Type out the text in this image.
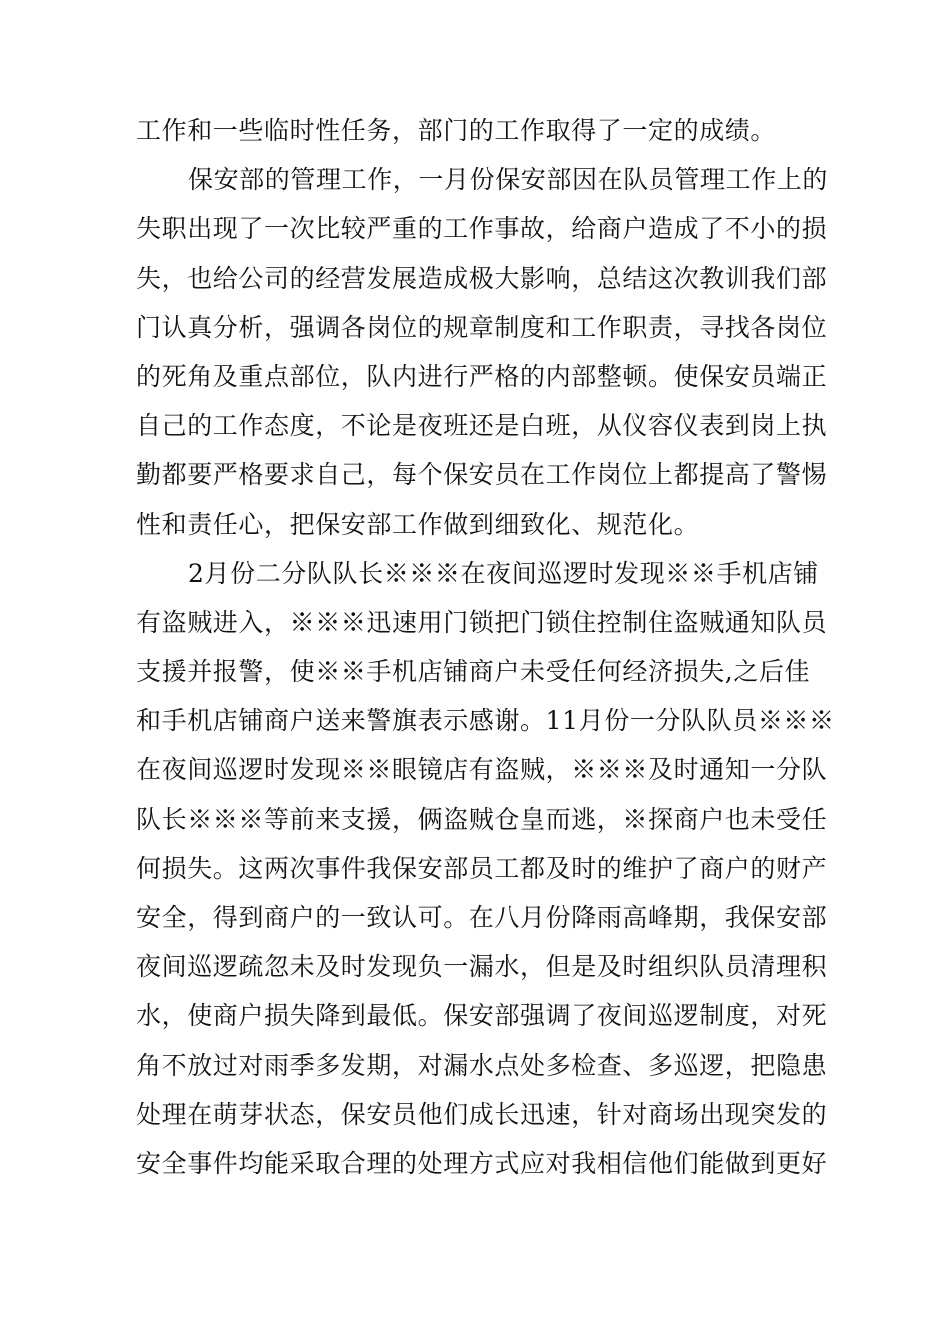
工作和一些临时性任务，部门的工作取得了一定的成绩。
保安部的管理工作，一月份保安部因在队员管理工作上的
失职出现了一次比较严重的工作事故，给商户造成了不小的损
失，也给公司的经营发展造成极大影响，总结这次教训我们部
门认真分析，强调各岗位的规章制度和工作职责，寻找各岗位
的死角及重点部位，队内进行严格的内部整顿。使保安员端正
自己的工作态度，不论是夜班还是白班，从仪容仪表到岗上执
勤都要严格要求自己，每个保安员在工作岗位上都提高了警惕
性和责任心，把保安部工作做到细致化、规范化。
2月份二分队队长※※※在夜间巡逻时发现※※手机店铺
有盗贼进入，※※※迅速用门锁把门锁住控制住盗贼通知队员
支援并报警，使※※手机店铺商户未受任何经济损失,之后佳
和手机店铺商户送来警旗表示感谢。11月份一分队队员※※※
在夜间巡逻时发现※※眼镜店有盗贼，※※※及时通知一分队
队长※※※等前来支援，俩盗贼仓皇而逃，※探商户也未受任
何损失。这两次事件我保安部员工都及时的维护了商户的财产
安全，得到商户的一致认可。在八月份降雨高峰期，我保安部
夜间巡逻疏忽未及时发现负一漏水，但是及时组织队员清理积
水，使商户损失降到最低。保安部强调了夜间巡逻制度，对死
角不放过对雨季多发期，对漏水点处多检查、多巡逻，把隐患
处理在萌芽状态，保安员他们成长迅速，针对商场出现突发的
安全事件均能采取合理的处理方式应对我相信他们能做到更好
